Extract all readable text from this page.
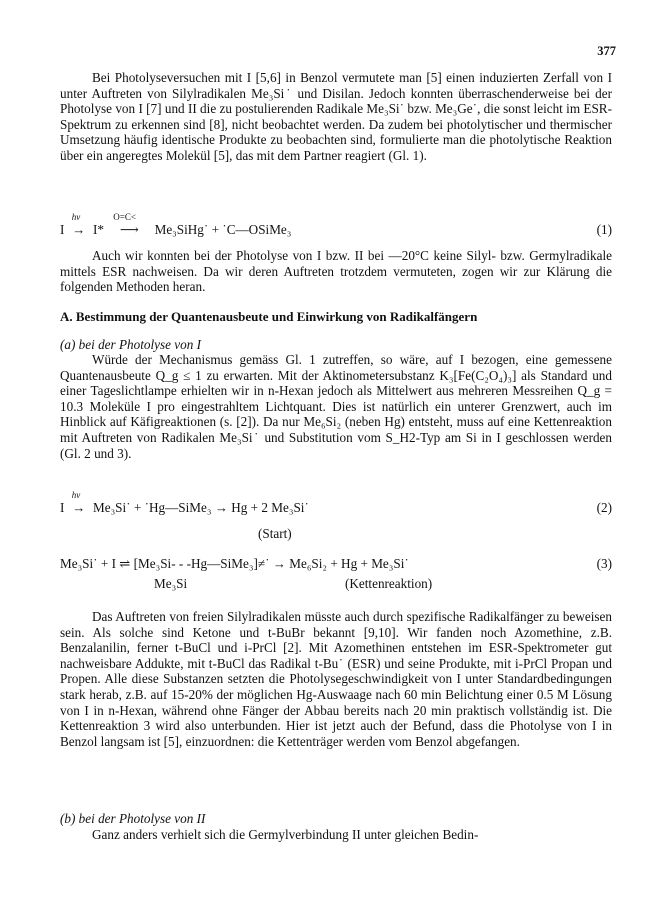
377

Bei Photolyseversuchen mit I [5,6] in Benzol vermutete man [5] einen induzierten Zerfall von I unter Auftreten von Silylradikalen Me₃Si˙ und Disilan. Jedoch konnten überraschenderweise bei der Photolyse von I [7] und II die zu postulierenden Radikale Me₃Si˙ bzw. Me₃Ge˙, die sonst leicht im ESR-Spektrum zu erkennen sind [8], nicht beobachtet werden. Da zudem bei photolytischer und thermischer Umsetzung häufig identische Produkte zu beobachten sind, formulierte man die photolytische Reaktion über ein angeregtes Molekül [5], das mit dem Partner reagiert (Gl. 1).

I
hν
→ I*
O=C<
⟶ Me₃SiHg˙ + ˙C—OSiMe₃	(1)

Auch wir konnten bei der Photolyse von I bzw. II bei —20°C keine Silyl- bzw. Germylradikale mittels ESR nachweisen. Da wir deren Auftreten trotzdem vermuteten, zogen wir zur Klärung die folgenden Methoden heran.

A. Bestimmung der Quantenausbeute und Einwirkung von Radikalfängern
(a) bei der Photolyse von I

Würde der Mechanismus gemäss Gl. 1 zutreffen, so wäre, auf I bezogen, eine gemessene Quantenausbeute Q_g ≤ 1 zu erwarten. Mit der Aktinometersubstanz K₃[Fe(C₂O₄)₃] als Standard und einer Tageslichtlampe erhielten wir in n-Hexan jedoch als Mittelwert aus mehreren Messreihen Q_g = 10.3 Moleküle I pro eingestrahltem Lichtquant. Dies ist natürlich ein unterer Grenzwert, auch im Hinblick auf Käfigreaktionen (s. [2]). Da nur Me₆Si₂ (neben Hg) entsteht, muss auf eine Kettenreaktion mit Auftreten von Radikalen Me₃Si˙ und Substitution vom S_H2-Typ am Si in I geschlossen werden (Gl. 2 und 3).

I
hν
→ Me₃Si˙ + ˙Hg—SiMe₃ → Hg + 2 Me₃Si˙	(2)
(Start)
Me₃Si˙ + I ⇌ [Me₃Si- - -Hg—SiMe₃]≠˙ → Me₆Si₂ + Hg + Me₃Si˙	(3)
Me₃Si	(Kettenreaktion)

Das Auftreten von freien Silylradikalen müsste auch durch spezifische Radikalfänger zu beweisen sein. Als solche sind Ketone und t-BuBr bekannt [9,10]. Wir fanden noch Azomethine, z.B. Benzalanilin, ferner t-BuCl und i-PrCl [2]. Mit Azomethinen entstehen im ESR-Spektrometer gut nachweisbare Addukte, mit t-BuCl das Radikal t-Bu˙ (ESR) und seine Produkte, mit i-PrCl Propan und Propen. Alle diese Substanzen setzten die Photolysegeschwindigkeit von I unter Standardbedingungen stark herab, z.B. auf 15-20% der möglichen Hg-Auswaage nach 60 min Belichtung einer 0.5 M Lösung von I in n-Hexan, während ohne Fänger der Abbau bereits nach 20 min praktisch vollständig ist. Die Kettenreaktion 3 wird also unterbunden. Hier ist jetzt auch der Befund, dass die Photolyse von I in Benzol langsam ist [5], einzuordnen: die Kettenträger werden vom Benzol abgefangen.

(b) bei der Photolyse von II

Ganz anders verhielt sich die Germylverbindung II unter gleichen Bedin-
